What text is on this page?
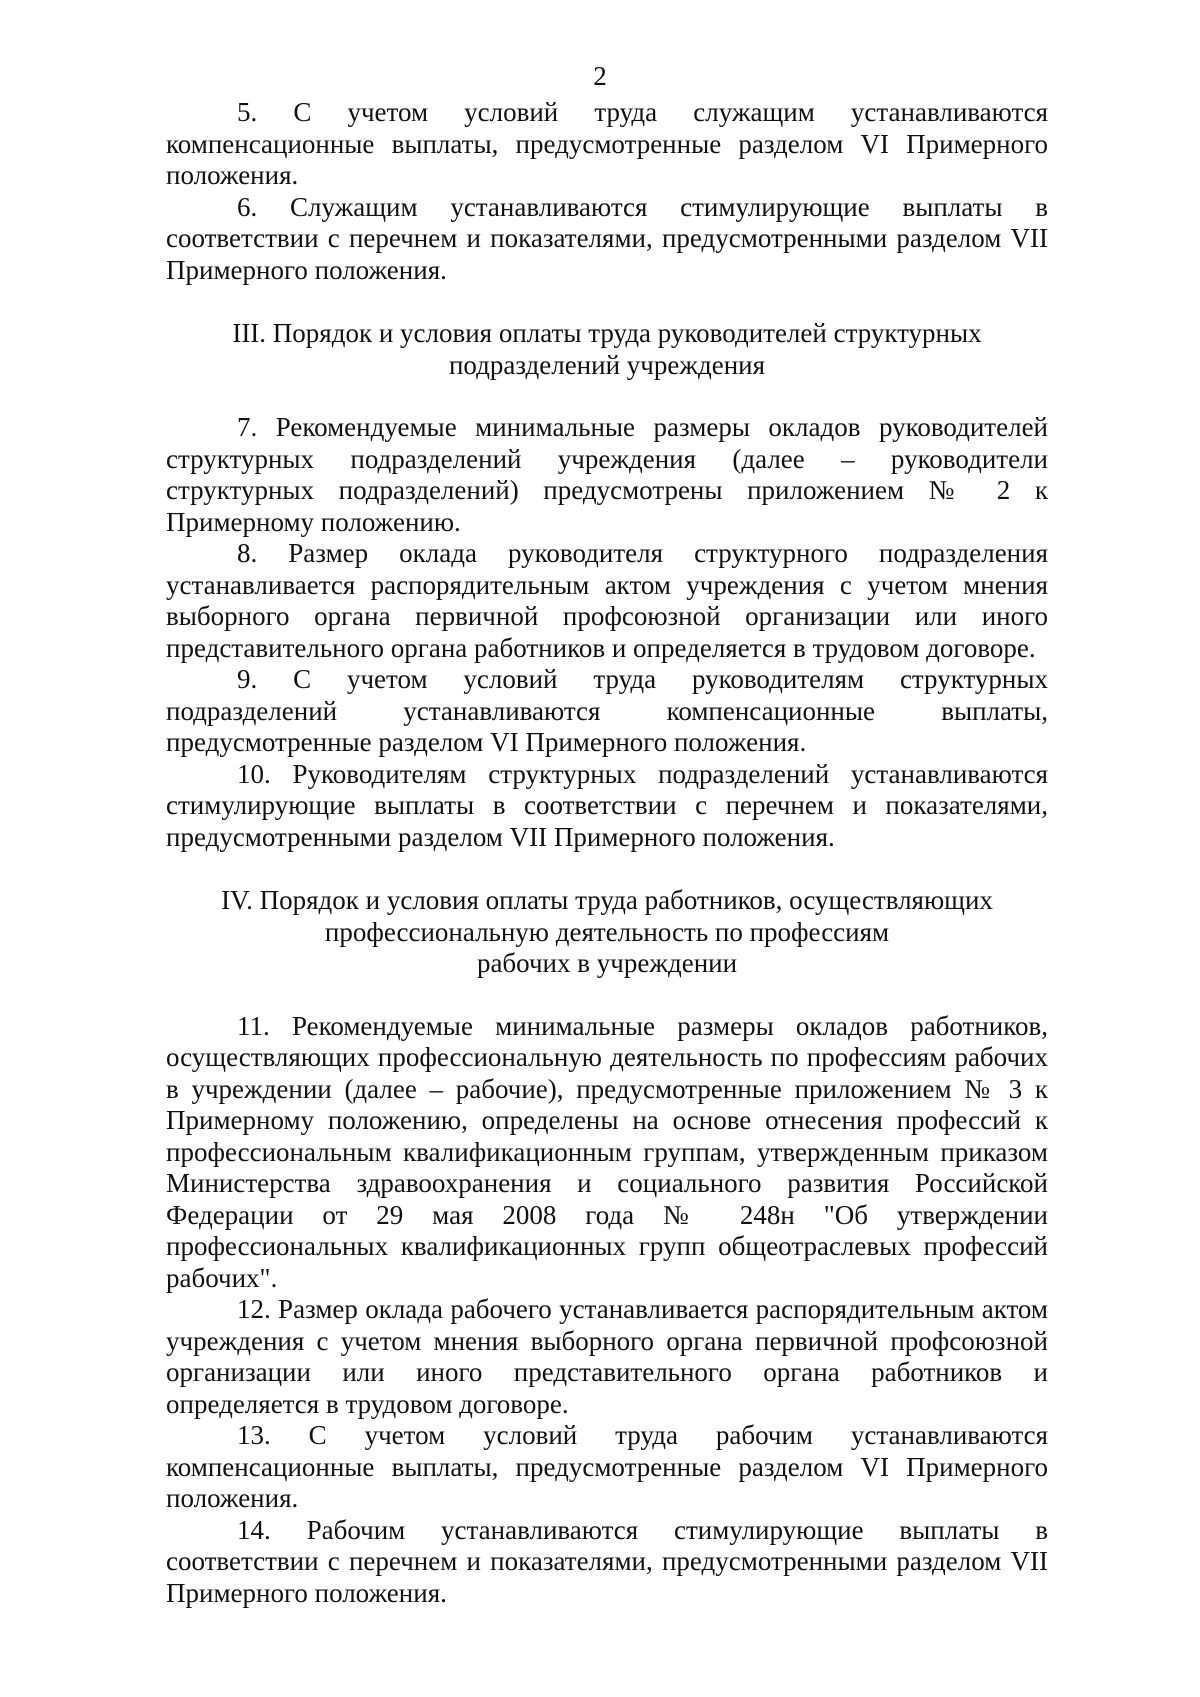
2

5. С учетом условий труда служащим устанавливаются компенсационные выплаты, предусмотренные разделом VI Примерного положения.

6. Служащим устанавливаются стимулирующие выплаты в соответствии с перечнем и показателями, предусмотренными разделом VII Примерного положения.

III. Порядок и условия оплаты труда руководителей структурных
подразделений учреждения

7. Рекомендуемые минимальные размеры окладов руководителей структурных подразделений учреждения (далее – руководители структурных подразделений) предусмотрены приложением № 2 к Примерному положению.

8. Размер оклада руководителя структурного подразделения устанавливается распорядительным актом учреждения с учетом мнения выборного органа первичной профсоюзной организации или иного представительного органа работников и определяется в трудовом договоре.

9. С учетом условий труда руководителям структурных подразделений устанавливаются компенсационные выплаты, предусмотренные разделом VI Примерного положения.

10. Руководителям структурных подразделений устанавливаются стимулирующие выплаты в соответствии с перечнем и показателями, предусмотренными разделом VII Примерного положения.

IV. Порядок и условия оплаты труда работников, осуществляющих
профессиональную деятельность по профессиям
рабочих в учреждении

11. Рекомендуемые минимальные размеры окладов работников, осуществляющих профессиональную деятельность по профессиям рабочих в учреждении (далее – рабочие), предусмотренные приложением № 3 к Примерному положению, определены на основе отнесения профессий к профессиональным квалификационным группам, утвержденным приказом Министерства здравоохранения и социального развития Российской Федерации от 29 мая 2008 года № 248н "Об утверждении профессиональных квалификационных групп общеотраслевых профессий рабочих".

12. Размер оклада рабочего устанавливается распорядительным актом учреждения с учетом мнения выборного органа первичной профсоюзной организации или иного представительного органа работников и определяется в трудовом договоре.

13. С учетом условий труда рабочим устанавливаются компенсационные выплаты, предусмотренные разделом VI Примерного положения.

14. Рабочим устанавливаются стимулирующие выплаты в соответствии с перечнем и показателями, предусмотренными разделом VII Примерного положения.
